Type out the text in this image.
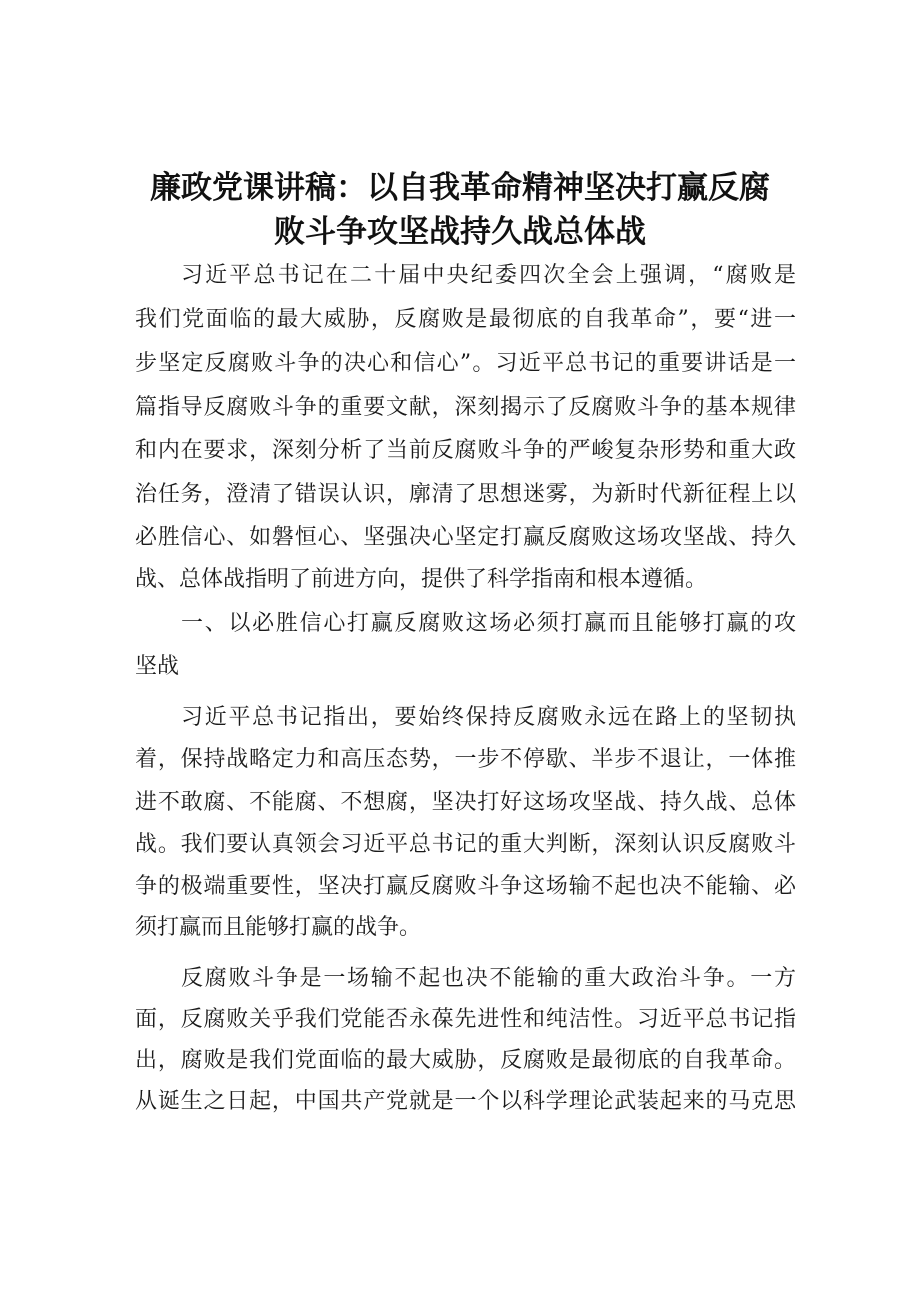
廉政党课讲稿：以自我革命精神坚决打赢反腐
败斗争攻坚战持久战总体战

习近平总书记在二十届中央纪委四次全会上强调，“腐败是

我们党面临的最大威胁，反腐败是最彻底的自我革命”，要“进一

步坚定反腐败斗争的决心和信心”。习近平总书记的重要讲话是一

篇指导反腐败斗争的重要文献，深刻揭示了反腐败斗争的基本规律

和内在要求，深刻分析了当前反腐败斗争的严峻复杂形势和重大政

治任务，澄清了错误认识，廓清了思想迷雾，为新时代新征程上以

必胜信心、如磐恒心、坚强决心坚定打赢反腐败这场攻坚战、持久

战、总体战指明了前进方向，提供了科学指南和根本遵循。

一、以必胜信心打赢反腐败这场必须打赢而且能够打赢的攻

坚战

习近平总书记指出，要始终保持反腐败永远在路上的坚韧执

着，保持战略定力和高压态势，一步不停歇、半步不退让，一体推

进不敢腐、不能腐、不想腐，坚决打好这场攻坚战、持久战、总体

战。我们要认真领会习近平总书记的重大判断，深刻认识反腐败斗

争的极端重要性，坚决打赢反腐败斗争这场输不起也决不能输、必

须打赢而且能够打赢的战争。

反腐败斗争是一场输不起也决不能输的重大政治斗争。一方

面，反腐败关乎我们党能否永葆先进性和纯洁性。习近平总书记指

出，腐败是我们党面临的最大威胁，反腐败是最彻底的自我革命。

从诞生之日起，中国共产党就是一个以科学理论武装起来的马克思
